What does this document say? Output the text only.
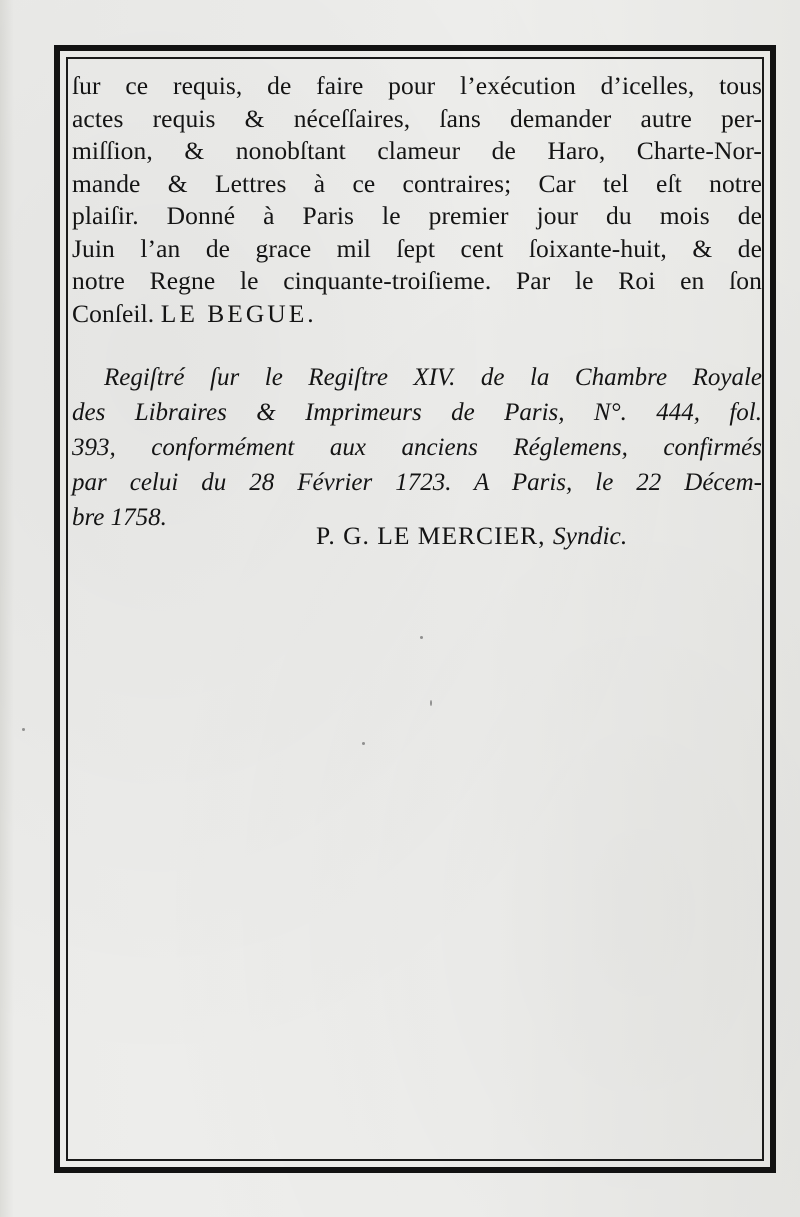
ſur ce requis, de faire pour l’exécution d’icelles, tous
actes requis & néceſſaires, ſans demander autre per-
miſſion, & nonobſtant clameur de Haro, Charte-Nor-
mande & Lettres à ce contraires; Car tel eſt notre
plaiſir. Donné à Paris le premier jour du mois de
Juin l’an de grace mil ſept cent ſoixante-huit, & de
notre Regne le cinquante-troiſieme. Par le Roi en ſon
Conſeil. LE BEGUE.
Regiſtré ſur le Regiſtre XIV. de la Chambre Royale
des Libraires & Imprimeurs de Paris, N°. 444, fol.
393, conformément aux anciens Réglemens, confirmés
par celui du 28 Février 1723. A Paris, le 22 Décem-
bre 1758.
P. G. LE MERCIER, Syndic.
